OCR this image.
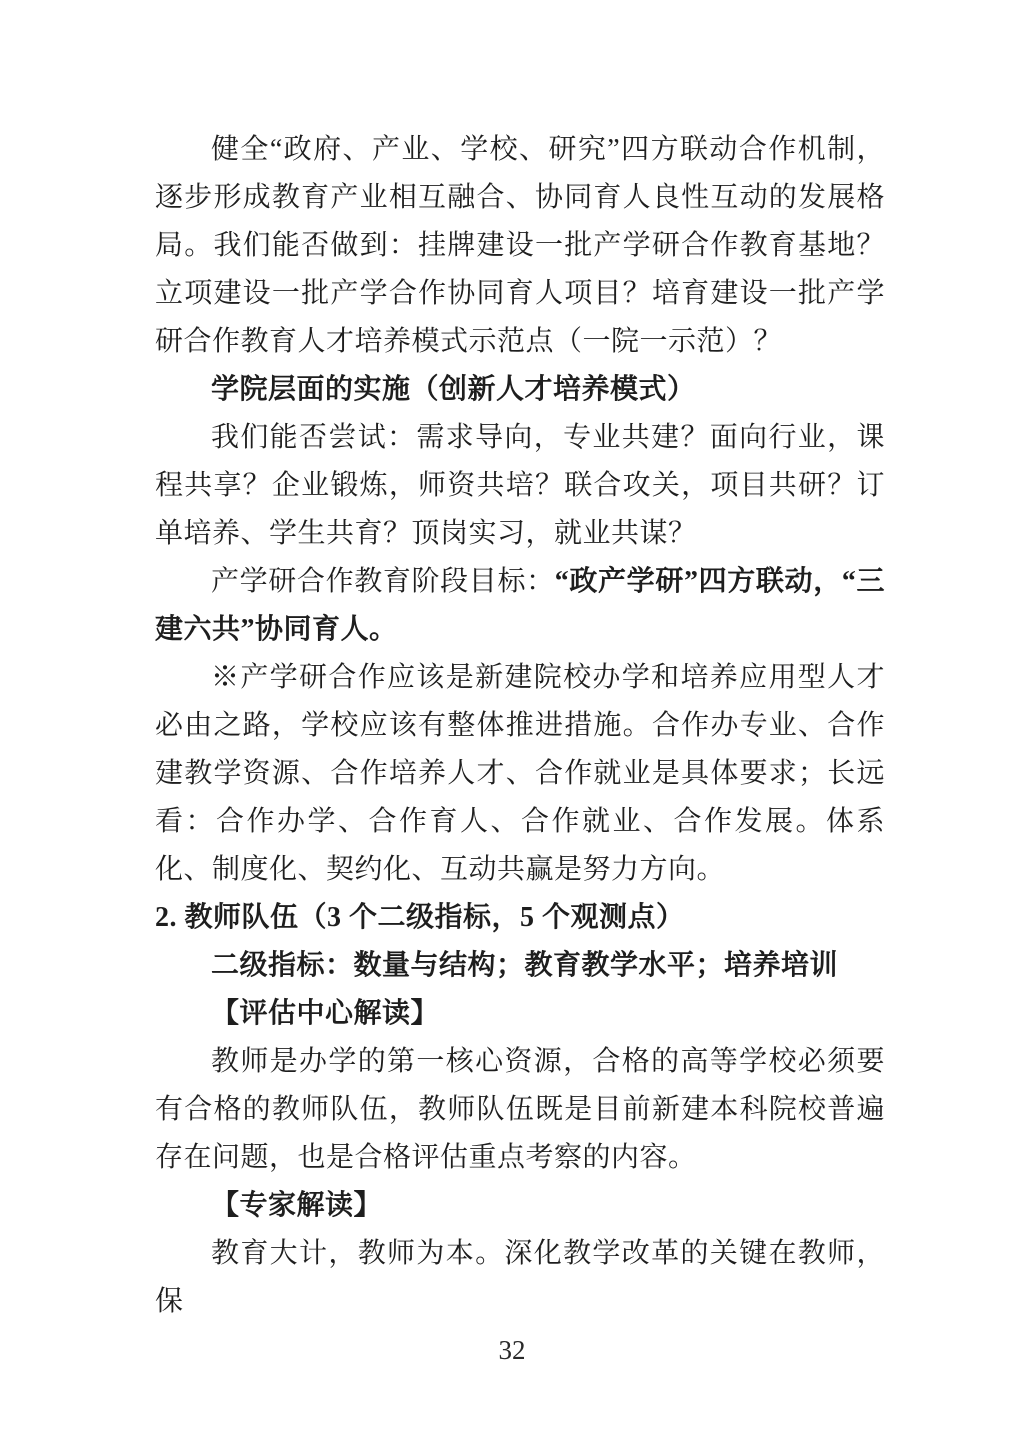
健全“政府、产业、学校、研究”四方联动合作机制，逐步形成教育产业相互融合、协同育人良性互动的发展格局。我们能否做到：挂牌建设一批产学研合作教育基地？立项建设一批产学合作协同育人项目？培育建设一批产学研合作教育人才培养模式示范点（一院一示范）？

学院层面的实施（创新人才培养模式）

我们能否尝试：需求导向，专业共建？面向行业，课程共享？企业锻炼，师资共培？联合攻关，项目共研？订单培养、学生共育？顶岗实习，就业共谋？

产学研合作教育阶段目标：“政产学研”四方联动，“三建六共”协同育人。

※产学研合作应该是新建院校办学和培养应用型人才必由之路，学校应该有整体推进措施。合作办专业、合作建教学资源、合作培养人才、合作就业是具体要求；长远看：合作办学、合作育人、合作就业、合作发展。体系化、制度化、契约化、互动共赢是努力方向。

2. 教师队伍（3 个二级指标，5 个观测点）

二级指标：数量与结构；教育教学水平；培养培训

【评估中心解读】

教师是办学的第一核心资源，合格的高等学校必须要有合格的教师队伍，教师队伍既是目前新建本科院校普遍存在问题，也是合格评估重点考察的内容。

【专家解读】

教育大计，教师为本。深化教学改革的关键在教师，保

32
